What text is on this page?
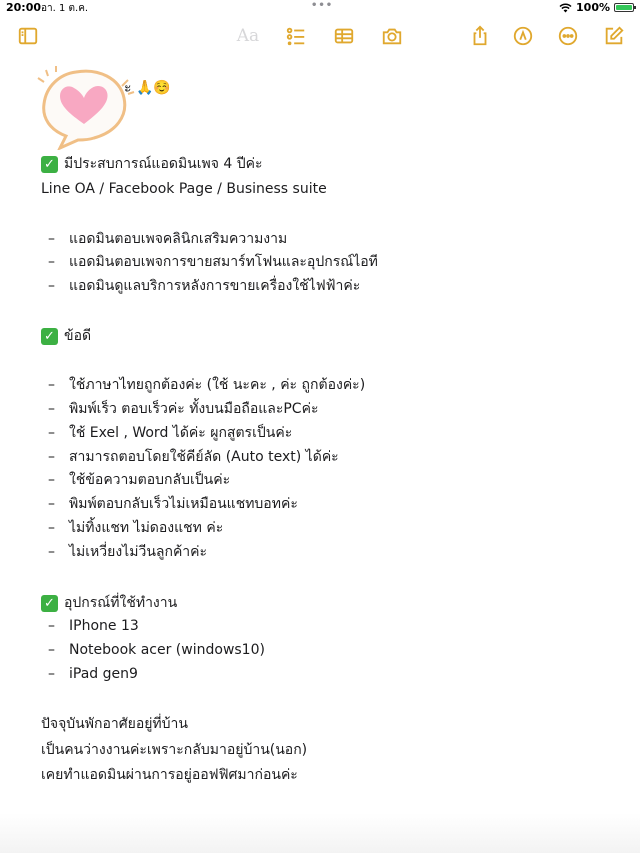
20:00 อา. 1 ต.ค.	•••	100%
Aa
ะ 🙏☺️
✓ มีประสบการณ์แอดมินเพจ 4 ปีค่ะ
Line OA / Facebook Page / Business suite
–	แอดมินตอบเพจคลินิกเสริมความงาม
–	แอดมินตอบเพจการขายสมาร์ทโฟนและอุปกรณ์ไอที
–	แอดมินดูแลบริการหลังการขายเครื่องใช้ไฟฟ้าค่ะ
✓ ข้อดี
–	ใช้ภาษาไทยถูกต้องค่ะ (ใช้ นะคะ , ค่ะ ถูกต้องค่ะ)
–	พิมพ์เร็ว ตอบเร็วค่ะ ทั้งบนมือถือและPCค่ะ
–	ใช้ Exel , Word ได้ค่ะ ผูกสูตรเป็นค่ะ
–	สามารถตอบโดยใช้คีย์ลัด (Auto text) ได้ค่ะ
–	ใช้ข้อความตอบกลับเป็นค่ะ
–	พิมพ์ตอบกลับเร็วไม่เหมือนแชทบอทค่ะ
–	ไม่ทิ้งแชท ไม่ดองแชท ค่ะ
–	ไม่เหวี่ยงไม่วีนลูกค้าค่ะ
✓ อุปกรณ์ที่ใช้ทำงาน
–	IPhone 13
–	Notebook acer (windows10)
–	iPad gen9
ปัจจุบันพักอาศัยอยู่ที่บ้าน
เป็นคนว่างงานค่ะเพราะกลับมาอยู่บ้าน(นอก)
เคยทำแอดมินผ่านการอยู่ออฟฟิศมาก่อนค่ะ
